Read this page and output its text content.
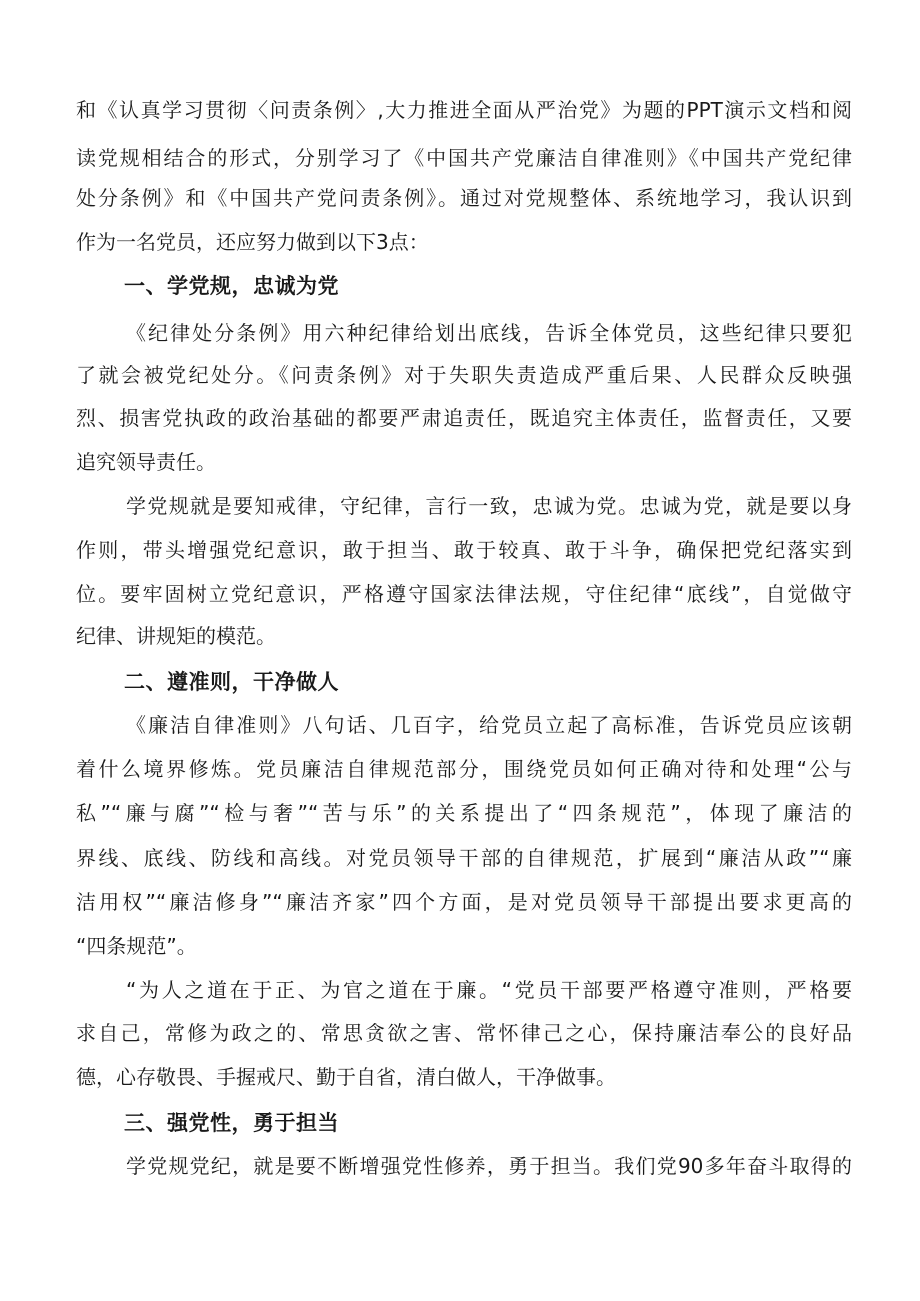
和《认真学习贯彻〈问责条例〉,大力推进全面从严治党》为题的PPT演示文档和阅
读党规相结合的形式，分别学习了《中国共产党廉洁自律准则》《中国共产党纪律
处分条例》和《中国共产党问责条例》。通过对党规整体、系统地学习，我认识到
作为一名党员，还应努力做到以下3点：
一、学党规，忠诚为党
《纪律处分条例》用六种纪律给划出底线，告诉全体党员，这些纪律只要犯
了就会被党纪处分。《问责条例》对于失职失责造成严重后果、人民群众反映强
烈、损害党执政的政治基础的都要严肃追责任，既追究主体责任，监督责任，又要
追究领导责任。
学党规就是要知戒律，守纪律，言行一致，忠诚为党。忠诚为党，就是要以身
作则，带头增强党纪意识，敢于担当、敢于较真、敢于斗争，确保把党纪落实到
位。要牢固树立党纪意识，严格遵守国家法律法规，守住纪律“底线”，自觉做守
纪律、讲规矩的模范。
二、遵准则，干净做人
《廉洁自律准则》八句话、几百字，给党员立起了高标准，告诉党员应该朝
着什么境界修炼。党员廉洁自律规范部分，围绕党员如何正确对待和处理“公与
私”“廉与腐”“检与奢”“苦与乐”的关系提出了“四条规范”，体现了廉洁的
界线、底线、防线和高线。对党员领导干部的自律规范，扩展到“廉洁从政”“廉
洁用权”“廉洁修身”“廉洁齐家”四个方面，是对党员领导干部提出要求更高的
“四条规范”。
“为人之道在于正、为官之道在于廉。“党员干部要严格遵守准则，严格要
求自己，常修为政之的、常思贪欲之害、常怀律己之心，保持廉洁奉公的良好品
德，心存敬畏、手握戒尺、勤于自省，清白做人，干净做事。
三、强党性，勇于担当
学党规党纪，就是要不断增强党性修养，勇于担当。我们党90多年奋斗取得的
